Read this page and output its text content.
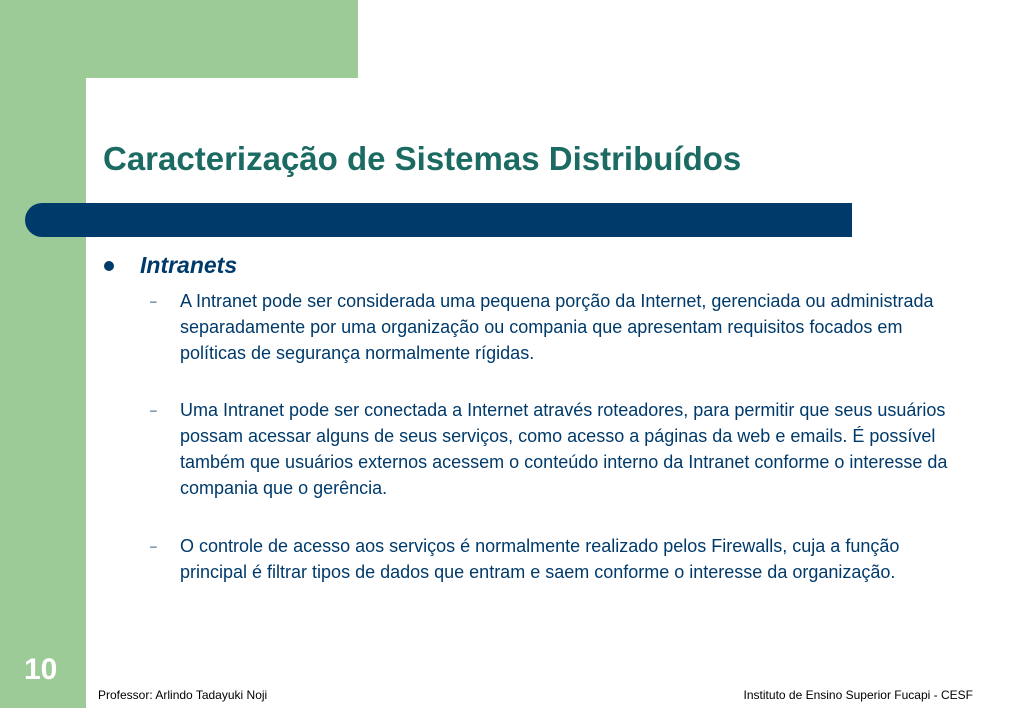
Caracterização de Sistemas Distribuídos
Intranets
–	A Intranet pode ser considerada uma pequena porção da Internet, gerenciada ou administrada separadamente por uma organização ou compania que apresentam requisitos focados em políticas de segurança normalmente rígidas.
–	Uma Intranet pode ser conectada a Internet através roteadores, para permitir que seus usuários possam acessar alguns de seus serviços, como acesso a páginas da web e emails. É possível também que usuários externos acessem o conteúdo interno da Intranet conforme o interesse da compania que o gerência.
–	O controle de acesso aos serviços é normalmente realizado pelos Firewalls, cuja a função principal é filtrar tipos de dados que entram e saem conforme o interesse da organização.
10
Professor: Arlindo Tadayuki Noji	Instituto de Ensino Superior Fucapi - CESF
